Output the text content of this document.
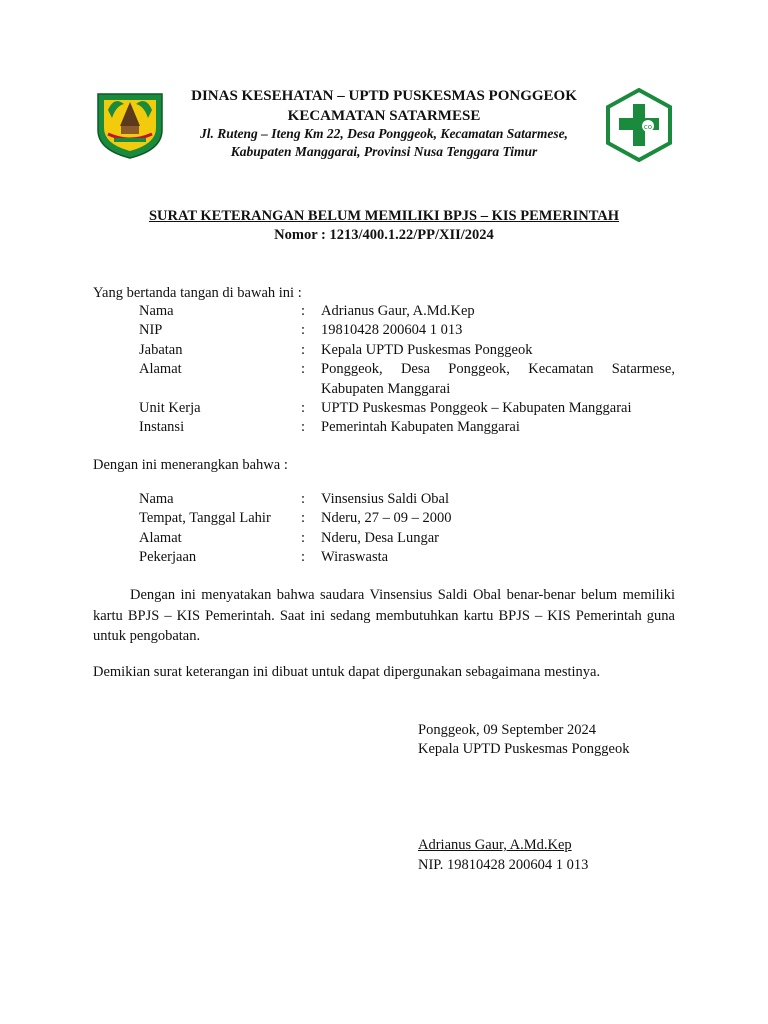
DINAS KESEHATAN – UPTD PUSKESMAS PONGGEOK
KECAMATAN SATARMESE
Jl. Ruteng – Iteng Km 22, Desa Ponggeok, Kecamatan Satarmese,
Kabupaten Manggarai, Provinsi Nusa Tenggara Timur
co
SURAT KETERANGAN BELUM MEMILIKI BPJS – KIS PEMERINTAH
Nomor : 1213/400.1.22/PP/XII/2024
Yang bertanda tangan di bawah ini :
Nama	: Adrianus Gaur, A.Md.Kep
NIP	: 19810428 200604 1 013
Jabatan	: Kepala UPTD Puskesmas Ponggeok
Alamat	: Ponggeok, Desa Ponggeok, Kecamatan Satarmese, Kabupaten Manggarai
Unit Kerja	: UPTD Puskesmas Ponggeok – Kabupaten Manggarai
Instansi	: Pemerintah Kabupaten Manggarai
Dengan ini menerangkan bahwa :
Nama	: Vinsensius Saldi Obal
Tempat, Tanggal Lahir : Nderu, 27 – 09 – 2000
Alamat	: Nderu, Desa Lungar
Pekerjaan	: Wiraswasta
Dengan ini menyatakan bahwa saudara Vinsensius Saldi Obal benar-benar belum memiliki kartu BPJS – KIS Pemerintah. Saat ini sedang membutuhkan kartu BPJS – KIS Pemerintah guna untuk pengobatan.
Demikian surat keterangan ini dibuat untuk dapat dipergunakan sebagaimana mestinya.
Ponggeok, 09 September 2024
Kepala UPTD Puskesmas Ponggeok
Adrianus Gaur, A.Md.Kep
NIP. 19810428 200604 1 013
